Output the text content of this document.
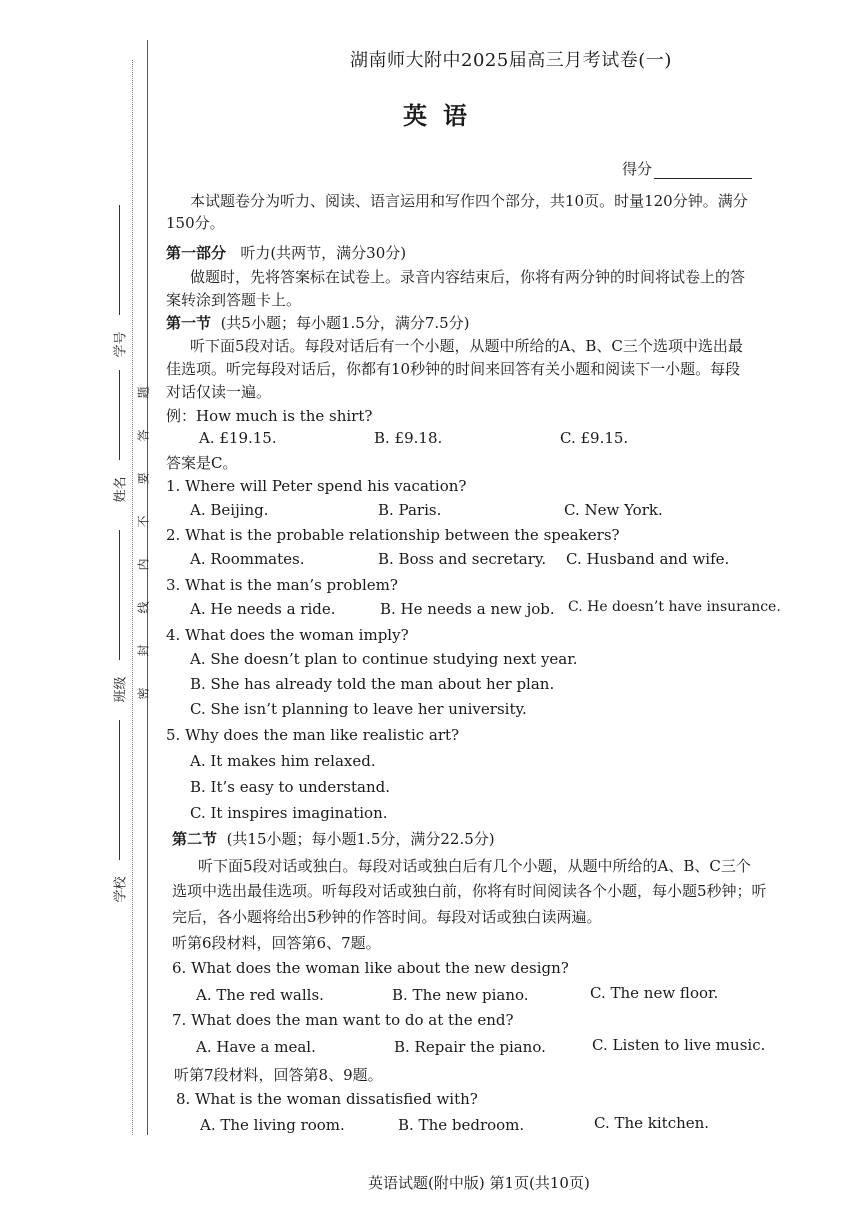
学号
姓名
班级
学校
题
答
要
不
内
线
封
密
湖南师大附中2025届高三月考试卷(一)
英语
得分
本试题卷分为听力、阅读、语言运用和写作四个部分，共10页。时量120分钟。满分
150分。
第一部分 听力(共两节，满分30分)
做题时，先将答案标在试卷上。录音内容结束后，你将有两分钟的时间将试卷上的答
案转涂到答题卡上。
第一节 (共5小题；每小题1.5分，满分7.5分)
听下面5段对话。每段对话后有一个小题，从题中所给的A、B、C三个选项中选出最
佳选项。听完每段对话后，你都有10秒钟的时间来回答有关小题和阅读下一小题。每段
对话仅读一遍。
例：How much is the shirt?
A. £19.15.	B. £9.18.	C. £9.15.
答案是C。
1. Where will Peter spend his vacation?
A. Beijing.	B. Paris.	C. New York.
2. What is the probable relationship between the speakers?
A. Roommates.	B. Boss and secretary. C. Husband and wife.
3. What is the man’s problem?
A. He needs a ride.	B. He needs a new job. C. He doesn’t have insurance.
4. What does the woman imply?
A. She doesn’t plan to continue studying next year.
B. She has already told the man about her plan.
C. She isn’t planning to leave her university.
5. Why does the man like realistic art?
A. It makes him relaxed.
B. It’s easy to understand.
C. It inspires imagination.
第二节 (共15小题；每小题1.5分，满分22.5分)
听下面5段对话或独白。每段对话或独白后有几个小题，从题中所给的A、B、C三个
选项中选出最佳选项。听每段对话或独白前，你将有时间阅读各个小题，每小题5秒钟；听
完后，各小题将给出5秒钟的作答时间。每段对话或独白读两遍。
听第6段材料，回答第6、7题。
6. What does the woman like about the new design?
A. The red walls.	B. The new piano.	C. The new floor.
7. What does the man want to do at the end?
A. Have a meal.	B. Repair the piano.	C. Listen to live music.
听第7段材料，回答第8、9题。
8. What is the woman dissatisfied with?
A. The living room.	B. The bedroom.	C. The kitchen.
英语试题(附中版) 第1页(共10页)
